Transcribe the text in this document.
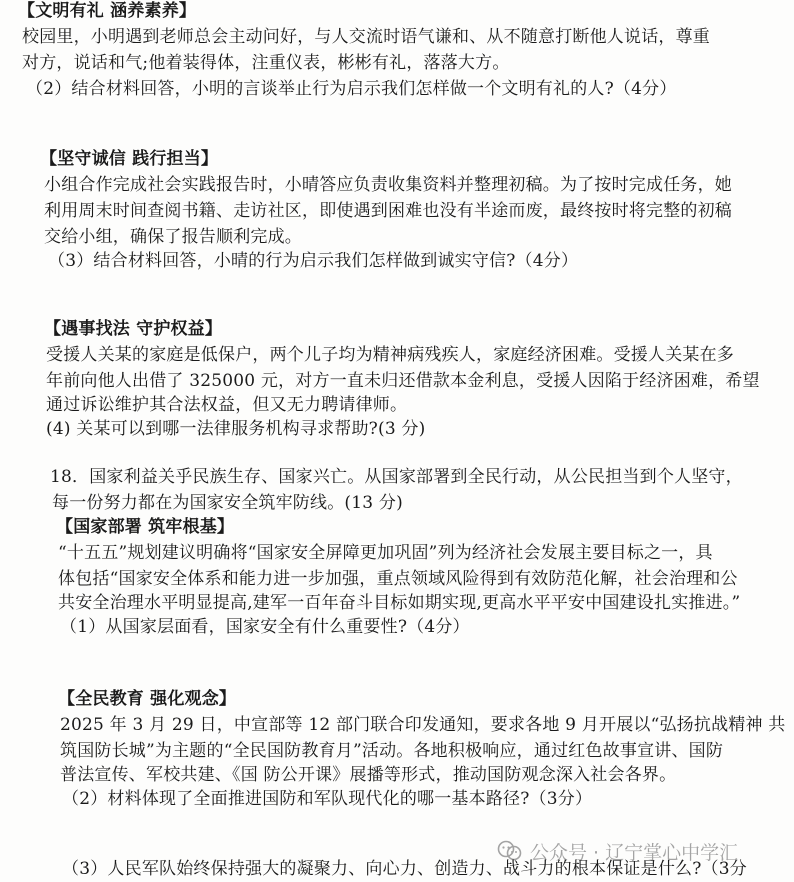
【文明有礼 涵养素养】
校园里，小明遇到老师总会主动问好，与人交流时语气谦和、从不随意打断他人说话，尊重
对方，说话和气;他着装得体，注重仪表，彬彬有礼，落落大方。
（2）结合材料回答，小明的言谈举止行为启示我们怎样做一个文明有礼的人?（4分）
【坚守诚信 践行担当】
小组合作完成社会实践报告时，小晴答应负责收集资料并整理初稿。为了按时完成任务，她
利用周末时间查阅书籍、走访社区，即使遇到困难也没有半途而废，最终按时将完整的初稿
交给小组，确保了报告顺利完成。
（3）结合材料回答，小晴的行为启示我们怎样做到诚实守信?（4分）
【遇事找法 守护权益】
受援人关某的家庭是低保户，两个儿子均为精神病残疾人，家庭经济困难。受援人关某在多
年前向他人出借了 325000 元，对方一直未归还借款本金利息，受援人因陷于经济困难，希望
通过诉讼维护其合法权益，但又无力聘请律师。
(4) 关某可以到哪一法律服务机构寻求帮助?(3 分)
18．国家利益关乎民族生存、国家兴亡。从国家部署到全民行动，从公民担当到个人坚守，
每一份努力都在为国家安全筑牢防线。(13 分)
【国家部署 筑牢根基】
“十五五”规划建议明确将“国家安全屏障更加巩固”列为经济社会发展主要目标之一，具
体包括“国家安全体系和能力进一步加强，重点领域风险得到有效防范化解，社会治理和公
共安全治理水平明显提高,建军一百年奋斗目标如期实现,更高水平平安中国建设扎实推进。”
（1）从国家层面看，国家安全有什么重要性?（4分）
【全民教育 强化观念】
2025 年 3 月 29 日，中宣部等 12 部门联合印发通知，要求各地 9 月开展以“弘扬抗战精神 共
筑国防长城”为主题的“全民国防教育月”活动。各地积极响应，通过红色故事宣讲、国防
普法宣传、军校共建、《国 防公开课》展播等形式，推动国防观念深入社会各界。
（2）材料体现了全面推进国防和军队现代化的哪一基本路径?（3分）
公众号 · 辽宁掌心中学汇
（3）人民军队始终保持强大的凝聚力、向心力、创造力、战斗力的根本保证是什么?（3分
